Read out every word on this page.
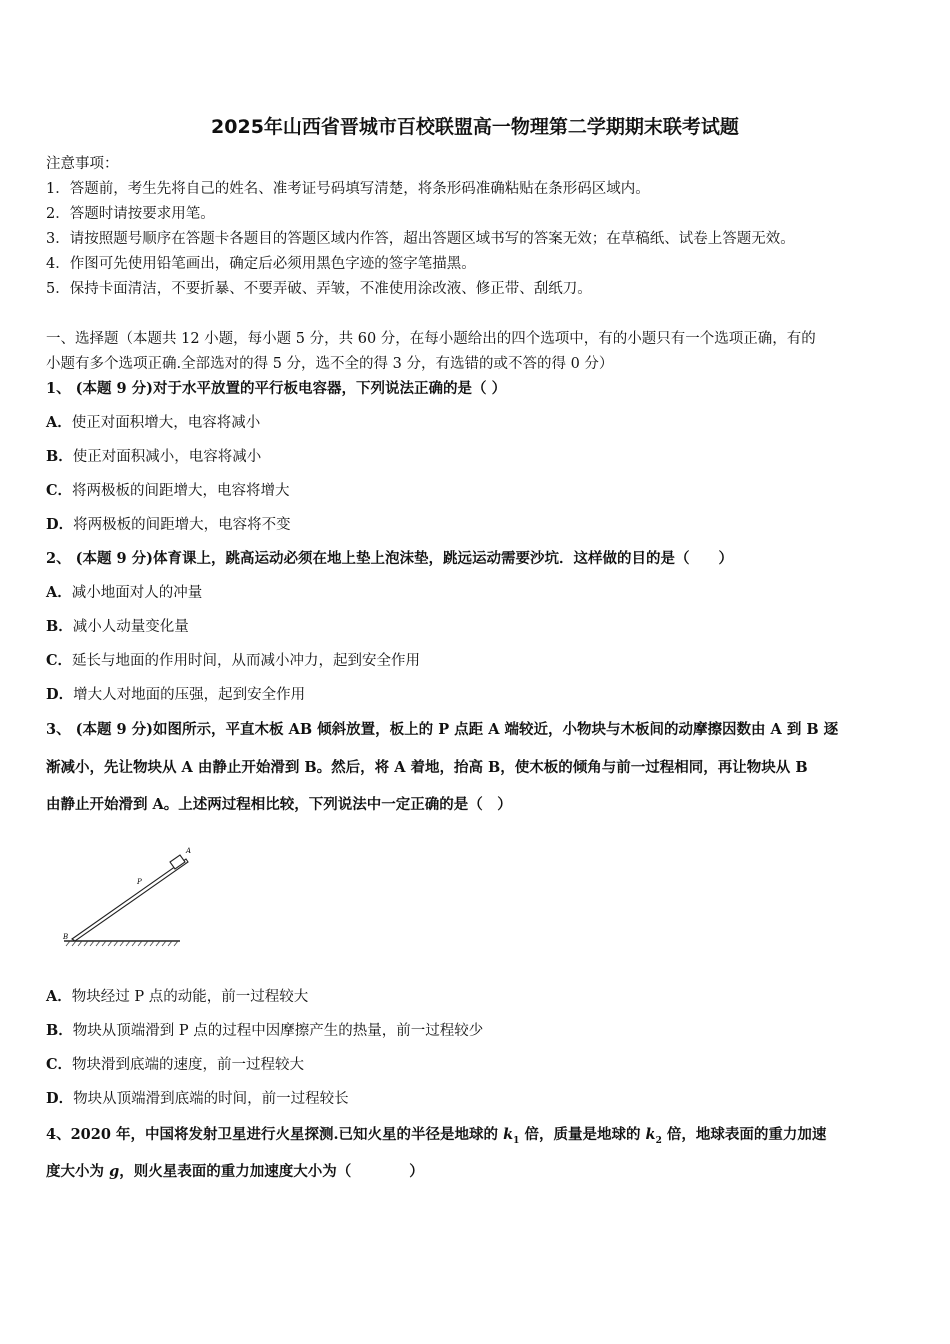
2025年山西省晋城市百校联盟高一物理第二学期期末联考试题
注意事项：
1．答题前，考生先将自己的姓名、准考证号码填写清楚，将条形码准确粘贴在条形码区域内。
2．答题时请按要求用笔。
3．请按照题号顺序在答题卡各题目的答题区域内作答，超出答题区域书写的答案无效；在草稿纸、试卷上答题无效。
4．作图可先使用铅笔画出，确定后必须用黑色字迹的签字笔描黑。
5．保持卡面清洁，不要折暴、不要弄破、弄皱，不准使用涂改液、修正带、刮纸刀。
一、选择题（本题共 12 小题，每小题 5 分，共 60 分，在每小题给出的四个选项中，有的小题只有一个选项正确，有的
小题有多个选项正确.全部选对的得 5 分，选不全的得 3 分，有选错的或不答的得 0 分）
1、 (本题 9 分)对于水平放置的平行板电容器，下列说法正确的是（ ）
A．使正对面积增大，电容将减小
B．使正对面积减小，电容将减小
C．将两极板的间距增大，电容将增大
D．将两极板的间距增大，电容将不变
2、 (本题 9 分)体育课上，跳高运动必须在地上垫上泡沫垫，跳远运动需要沙坑．这样做的目的是（　　）
A．减小地面对人的冲量
B．减小人动量变化量
C．延长与地面的作用时间，从而减小冲力，起到安全作用
D．增大人对地面的压强，起到安全作用
3、 (本题 9 分)如图所示，平直木板 AB 倾斜放置，板上的 P 点距 A 端较近，小物块与木板间的动摩擦因数由 A 到 B 逐
渐减小，先让物块从 A 由静止开始滑到 B。然后，将 A 着地，抬高 B，使木板的倾角与前一过程相同，再让物块从 B
由静止开始滑到 A。上述两过程相比较，下列说法中一定正确的是（　）
A
P
B
A．物块经过 P 点的动能，前一过程较大
B．物块从顶端滑到 P 点的过程中因摩擦产生的热量，前一过程较少
C．物块滑到底端的速度，前一过程较大
D．物块从顶端滑到底端的时间，前一过程较长
4、2020 年，中国将发射卫星进行火星探测.已知火星的半径是地球的 $k_1$ 倍，质量是地球的 $k_2$ 倍，地球表面的重力加速
度大小为 g，则火星表面的重力加速度大小为（　　　　）
